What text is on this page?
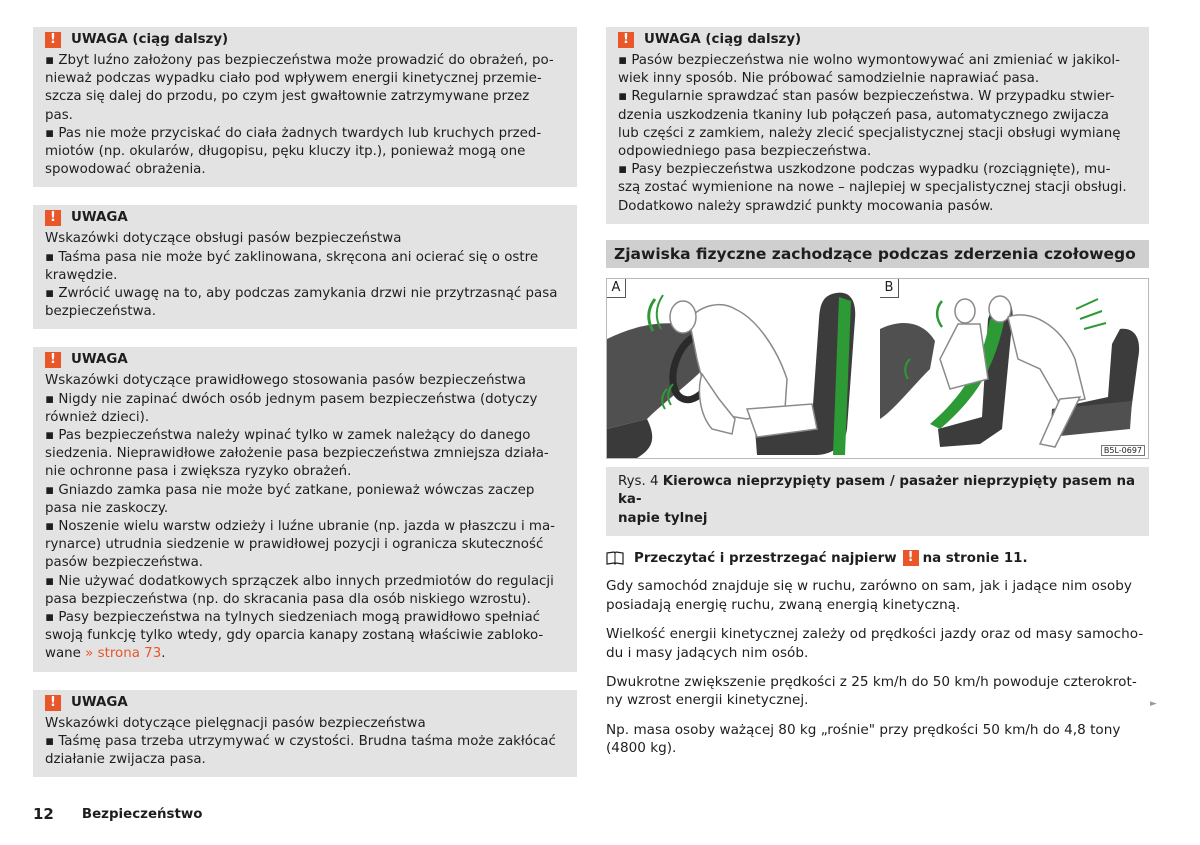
!	UWAGA (ciąg dalszy)

▪ Zbyt luźno założony pas bezpieczeństwa może prowadzić do obrażeń, po-

nieważ podczas wypadku ciało pod wpływem energii kinetycznej przemie-

szcza się dalej do przodu, po czym jest gwałtownie zatrzymywane przez

pas.

▪ Pas nie może przyciskać do ciała żadnych twardych lub kruchych przed-

miotów (np. okularów, długopisu, pęku kluczy itp.), ponieważ mogą one

spowodować obrażenia.

!	UWAGA

Wskazówki dotyczące obsługi pasów bezpieczeństwa

▪ Taśma pasa nie może być zaklinowana, skręcona ani ocierać się o ostre

krawędzie.

▪ Zwrócić uwagę na to, aby podczas zamykania drzwi nie przytrzasnąć pasa

bezpieczeństwa.

!	UWAGA

Wskazówki dotyczące prawidłowego stosowania pasów bezpieczeństwa

▪ Nigdy nie zapinać dwóch osób jednym pasem bezpieczeństwa (dotyczy

również dzieci).

▪ Pas bezpieczeństwa należy wpinać tylko w zamek należący do danego

siedzenia. Nieprawidłowe założenie pasa bezpieczeństwa zmniejsza działa-

nie ochronne pasa i zwiększa ryzyko obrażeń.

▪ Gniazdo zamka pasa nie może być zatkane, ponieważ wówczas zaczep

pasa nie zaskoczy.

▪ Noszenie wielu warstw odzieży i luźne ubranie (np. jazda w płaszczu i ma-

rynarce) utrudnia siedzenie w prawidłowej pozycji i ogranicza skuteczność

pasów bezpieczeństwa.

▪ Nie używać dodatkowych sprzączek albo innych przedmiotów do regulacji

pasa bezpieczeństwa (np. do skracania pasa dla osób niskiego wzrostu).

▪ Pasy bezpieczeństwa na tylnych siedzeniach mogą prawidłowo spełniać

swoją funkcję tylko wtedy, gdy oparcia kanapy zostaną właściwie zabloko-

wane » strona 73.

!	UWAGA

Wskazówki dotyczące pielęgnacji pasów bezpieczeństwa

▪ Taśmę pasa trzeba utrzymywać w czystości. Brudna taśma może zakłócać

działanie zwijacza pasa.

!	UWAGA (ciąg dalszy)

▪ Pasów bezpieczeństwa nie wolno wymontowywać ani zmieniać w jakikol-

wiek inny sposób. Nie próbować samodzielnie naprawiać pasa.

▪ Regularnie sprawdzać stan pasów bezpieczeństwa. W przypadku stwier-

dzenia uszkodzenia tkaniny lub połączeń pasa, automatycznego zwijacza

lub części z zamkiem, należy zlecić specjalistycznej stacji obsługi wymianę

odpowiedniego pasa bezpieczeństwa.

▪ Pasy bezpieczeństwa uszkodzone podczas wypadku (rozciągnięte), mu-

szą zostać wymienione na nowe – najlepiej w specjalistycznej stacji obsługi.

Dodatkowo należy sprawdzić punkty mocowania pasów.

Zjawiska fizyczne zachodzące podczas zderzenia czołowego
A	B
B5L-0697
Rys. 4 Kierowca nieprzypięty pasem / pasażer nieprzypięty pasem na ka-
napie tylnej
Przeczytać i przestrzegać najpierw ! na stronie 11.

Gdy samochód znajduje się w ruchu, zarówno on sam, jak i jadące nim osoby
posiadają energię ruchu, zwaną energią kinetyczną.

Wielkość energii kinetycznej zależy od prędkości jazdy oraz od masy samocho-
du i masy jadących nim osób.

Dwukrotne zwiększenie prędkości z 25 km/h do 50 km/h powoduje czterokrot-
ny wzrost energii kinetycznej.

Np. masa osoby ważącej 80 kg „rośnie" przy prędkości 50 km/h do 4,8 tony
(4800 kg).

►
12 Bezpieczeństwo
